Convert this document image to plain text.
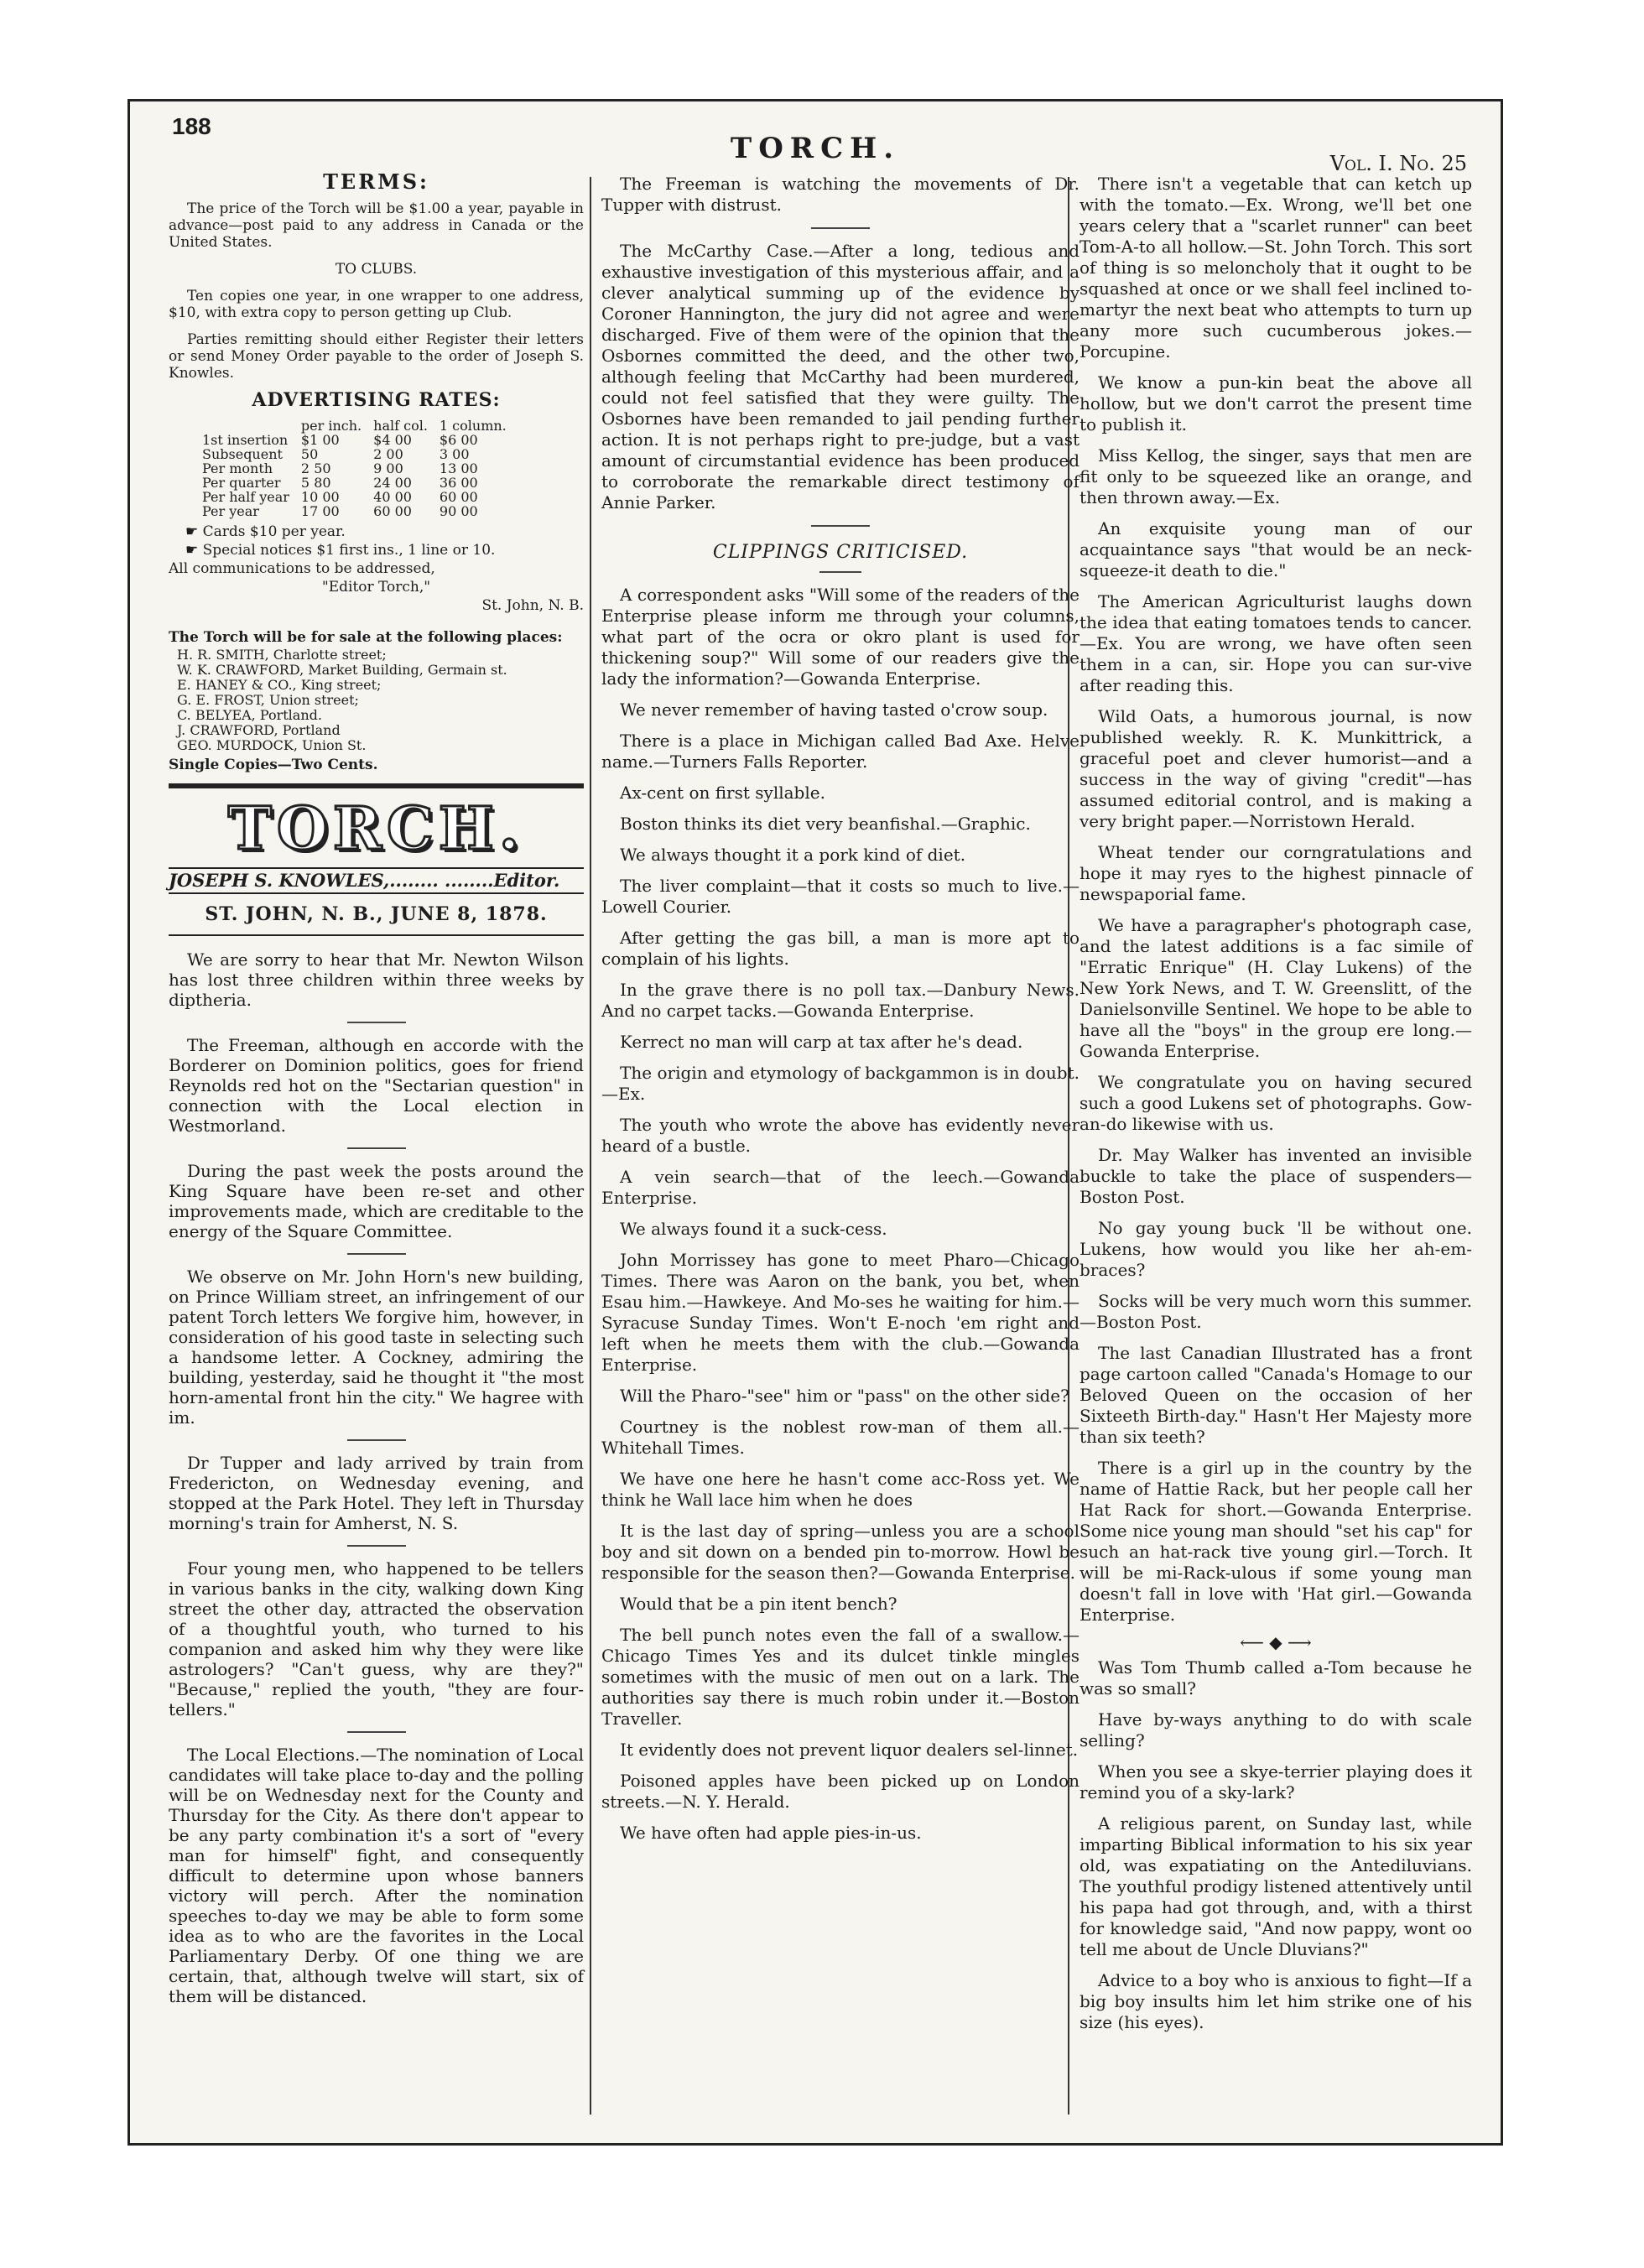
188
TORCH.	Vol. I. No. 25

TERMS:

The price of the Torch will be $1.00 a year, payable in advance—post paid to any address in Canada or the United States.

TO CLUBS.

Ten copies one year, in one wrapper to one address, $10, with extra copy to person getting up Club.

Parties remitting should either Register their letters or send Money Order payable to the order of Joseph S. Knowles.

ADVERTISING RATES:

	per inch.	half col.	1 column.
1st insertion	$1 00	$4 00	$6 00
Subsequent	50	2 00	3 00
Per month	2 50	9 00	13 00
Per quarter	5 80	24 00	36 00
Per half year	10 00	40 00	60 00
Per year	17 00	60 00	90 00

☛ Cards $10 per year.

☛ Special notices $1 first ins., 1 line or 10.

All communications to be addressed,

"Editor Torch,"

St. John, N. B.

The Torch will be for sale at the following places:

H. R. SMITH, Charlotte street;
W. K. CRAWFORD, Market Building, Germain st.
E. HANEY & CO., King street;
G. E. FROST, Union street;
C. BELYEA, Portland.
J. CRAWFORD, Portland
GEO. MURDOCK, Union St.

Single Copies—Two Cents.

TORCH.
JOSEPH S. KNOWLES,........ ........Editor.
ST. JOHN, N. B., JUNE 8, 1878.

We are sorry to hear that Mr. Newton Wilson has lost three children within three weeks by diptheria.

The Freeman, although en accorde with the Borderer on Dominion politics, goes for friend Reynolds red hot on the "Sectarian question" in connection with the Local election in Westmorland.

During the past week the posts around the King Square have been re-set and other improvements made, which are creditable to the energy of the Square Committee.

We observe on Mr. John Horn's new building, on Prince William street, an infringement of our patent Torch letters We forgive him, however, in consideration of his good taste in selecting such a handsome letter. A Cockney, admiring the building, yesterday, said he thought it "the most horn-amental front hin the city." We hagree with im.

Dr Tupper and lady arrived by train from Fredericton, on Wednesday evening, and stopped at the Park Hotel. They left in Thursday morning's train for Amherst, N. S.

Four young men, who happened to be tellers in various banks in the city, walking down King street the other day, attracted the observation of a thoughtful youth, who turned to his companion and asked him why they were like astrologers? "Can't guess, why are they?" "Because," replied the youth, "they are four-tellers."

The Local Elections.—The nomination of Local candidates will take place to-day and the polling will be on Wednesday next for the County and Thursday for the City. As there don't appear to be any party combination it's a sort of "every man for himself" fight, and consequently difficult to determine upon whose banners victory will perch. After the nomination speeches to-day we may be able to form some idea as to who are the favorites in the Local Parliamentary Derby. Of one thing we are certain, that, although twelve will start, six of them will be distanced.

The Freeman is watching the movements of Dr. Tupper with distrust.

The McCarthy Case.—After a long, tedious and exhaustive investigation of this mysterious affair, and a clever analytical summing up of the evidence by Coroner Hannington, the jury did not agree and were discharged. Five of them were of the opinion that the Osbornes committed the deed, and the other two, although feeling that McCarthy had been murdered, could not feel satisfied that they were guilty. The Osbornes have been remanded to jail pending further action. It is not perhaps right to pre-judge, but a vast amount of circumstantial evidence has been produced to corroborate the remarkable direct testimony of Annie Parker.

CLIPPINGS CRITICISED.

A correspondent asks "Will some of the readers of the Enterprise please inform me through your columns, what part of the ocra or okro plant is used for thickening soup?" Will some of our readers give the lady the information?—Gowanda Enterprise.

We never remember of having tasted o'crow soup.

There is a place in Michigan called Bad Axe. Helve name.—Turners Falls Reporter.

Ax-cent on first syllable.

Boston thinks its diet very beanfishal.—Graphic.

We always thought it a pork kind of diet.

The liver complaint—that it costs so much to live.—Lowell Courier.

After getting the gas bill, a man is more apt to complain of his lights.

In the grave there is no poll tax.—Danbury News. And no carpet tacks.—Gowanda Enterprise.

Kerrect no man will carp at tax after he's dead.

The origin and etymology of backgammon is in doubt.—Ex.

The youth who wrote the above has evidently never heard of a bustle.

A vein search—that of the leech.—Gowanda Enterprise.

We always found it a suck-cess.

John Morrissey has gone to meet Pharo—Chicago Times. There was Aaron on the bank, you bet, when Esau him.—Hawkeye. And Mo-ses he waiting for him.—Syracuse Sunday Times. Won't E-noch 'em right and left when he meets them with the club.—Gowanda Enterprise.

Will the Pharo-"see" him or "pass" on the other side?

Courtney is the noblest row-man of them all.—Whitehall Times.

We have one here he hasn't come acc-Ross yet. We think he Wall lace him when he does

It is the last day of spring—unless you are a school boy and sit down on a bended pin to-morrow. Howl be responsible for the season then?—Gowanda Enterprise.

Would that be a pin itent bench?

The bell punch notes even the fall of a swallow.—Chicago Times Yes and its dulcet tinkle mingles sometimes with the music of men out on a lark. The authorities say there is much robin under it.—Boston Traveller.

It evidently does not prevent liquor dealers sel-linnet.

Poisoned apples have been picked up on London streets.—N. Y. Herald.

We have often had apple pies-in-us.

There isn't a vegetable that can ketch up with the tomato.—Ex. Wrong, we'll bet one years celery that a "scarlet runner" can beet Tom-A-to all hollow.—St. John Torch. This sort of thing is so meloncholy that it ought to be squashed at once or we shall feel inclined to-martyr the next beat who attempts to turn up any more such cucumberous jokes.—Porcupine.

We know a pun-kin beat the above all hollow, but we don't carrot the present time to publish it.

Miss Kellog, the singer, says that men are fit only to be squeezed like an orange, and then thrown away.—Ex.

An exquisite young man of our acquaintance says "that would be an neck-squeeze-it death to die."

The American Agriculturist laughs down the idea that eating tomatoes tends to cancer.—Ex. You are wrong, we have often seen them in a can, sir. Hope you can sur-vive after reading this.

Wild Oats, a humorous journal, is now published weekly. R. K. Munkittrick, a graceful poet and clever humorist—and a success in the way of giving "credit"—has assumed editorial control, and is making a very bright paper.—Norristown Herald.

Wheat tender our corngratulations and hope it may ryes to the highest pinnacle of newspaporial fame.

We have a paragrapher's photograph case, and the latest additions is a fac simile of "Erratic Enrique" (H. Clay Lukens) of the New York News, and T. W. Greenslitt, of the Danielsonville Sentinel. We hope to be able to have all the "boys" in the group ere long.—Gowanda Enterprise.

We congratulate you on having secured such a good Lukens set of photographs. Gow-an-do likewise with us.

Dr. May Walker has invented an invisible buckle to take the place of suspenders—Boston Post.

No gay young buck 'll be without one. Lukens, how would you like her ah-em-braces?

Socks will be very much worn this summer.—Boston Post.

The last Canadian Illustrated has a front page cartoon called "Canada's Homage to our Beloved Queen on the occasion of her Sixteeth Birth-day." Hasn't Her Majesty more than six teeth?

There is a girl up in the country by the name of Hattie Rack, but her people call her Hat Rack for short.—Gowanda Enterprise. Some nice young man should "set his cap" for such an hat-rack tive young girl.—Torch. It will be mi-Rack-ulous if some young man doesn't fall in love with 'Hat girl.—Gowanda Enterprise.

⟵ ◆ ⟶

Was Tom Thumb called a-Tom because he was so small?

Have by-ways anything to do with scale selling?

When you see a skye-terrier playing does it remind you of a sky-lark?

A religious parent, on Sunday last, while imparting Biblical information to his six year old, was expatiating on the Antediluvians. The youthful prodigy listened attentively until his papa had got through, and, with a thirst for knowledge said, "And now pappy, wont oo tell me about de Uncle Dluvians?"

Advice to a boy who is anxious to fight—If a big boy insults him let him strike one of his size (his eyes).
